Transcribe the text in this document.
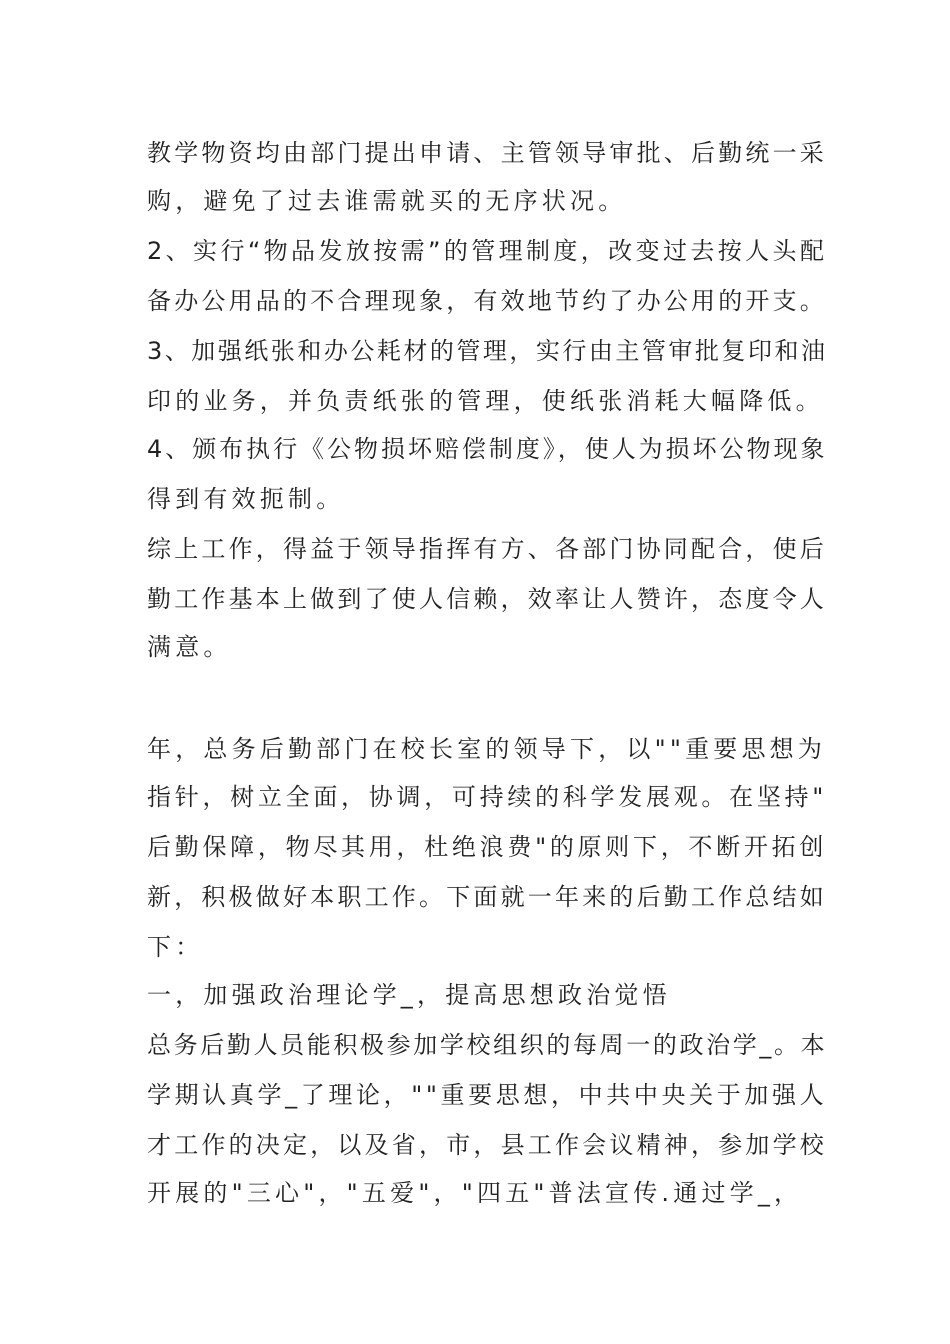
教学物资均由部门提出申请、主管领导审批、后勤统一采
购，避免了过去谁需就买的无序状况。
2、实行“物品发放按需”的管理制度，改变过去按人头配
备办公用品的不合理现象，有效地节约了办公用的开支。
3、加强纸张和办公耗材的管理，实行由主管审批复印和油
印的业务，并负责纸张的管理，使纸张消耗大幅降低。
4、颁布执行《公物损坏赔偿制度》，使人为损坏公物现象
得到有效扼制。
综上工作，得益于领导指挥有方、各部门协同配合，使后
勤工作基本上做到了使人信赖，效率让人赞许，态度令人
满意。
年，总务后勤部门在校长室的领导下，以""重要思想为
指针，树立全面，协调，可持续的科学发展观。在坚持"
后勤保障，物尽其用，杜绝浪费"的原则下，不断开拓创
新，积极做好本职工作。下面就一年来的后勤工作总结如
下：
一，加强政治理论学_，提高思想政治觉悟
总务后勤人员能积极参加学校组织的每周一的政治学_。本
学期认真学_了理论，""重要思想，中共中央关于加强人
才工作的决定，以及省，市，县工作会议精神，参加学校
开展的"三心"，"五爱"，"四五"普法宣传.通过学_，
